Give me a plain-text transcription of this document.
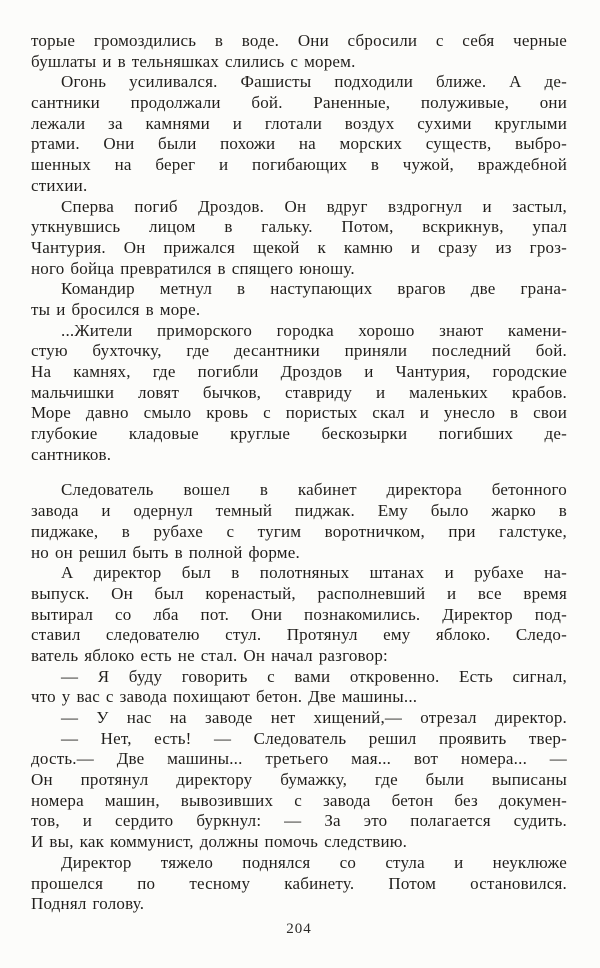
торые громоздились в воде. Они сбросили с себя черные
бушлаты и в тельняшках слились с морем.
Огонь усиливался. Фашисты подходили ближе. А де-
сантники продолжали бой. Раненные, полуживые, они
лежали за камнями и глотали воздух сухими круглыми
ртами. Они были похожи на морских существ, выбро-
шенных на берег и погибающих в чужой, враждебной
стихии.
Сперва погиб Дроздов. Он вдруг вздрогнул и застыл,
уткнувшись лицом в гальку. Потом, вскрикнув, упал
Чантурия. Он прижался щекой к камню и сразу из гроз-
ного бойца превратился в спящего юношу.
Командир метнул в наступающих врагов две грана-
ты и бросился в море.
...Жители приморского городка хорошо знают камени-
стую бухточку, где десантники приняли последний бой.
На камнях, где погибли Дроздов и Чантурия, городские
мальчишки ловят бычков, ставриду и маленьких крабов.
Море давно смыло кровь с пористых скал и унесло в свои
глубокие кладовые круглые бескозырки погибших де-
сантников.
Следователь вошел в кабинет директора бетонного
завода и одернул темный пиджак. Ему было жарко в
пиджаке, в рубахе с тугим воротничком, при галстуке,
но он решил быть в полной форме.
А директор был в полотняных штанах и рубахе на-
выпуск. Он был коренастый, располневший и все время
вытирал со лба пот. Они познакомились. Директор под-
ставил следователю стул. Протянул ему яблоко. Следо-
ватель яблоко есть не стал. Он начал разговор:
— Я буду говорить с вами откровенно. Есть сигнал,
что у вас с завода похищают бетон. Две машины...
— У нас на заводе нет хищений,— отрезал директор.
— Нет, есть! — Следователь решил проявить твер-
дость.— Две машины... третьего мая... вот номера... —
Он протянул директору бумажку, где были выписаны
номера машин, вывозивших с завода бетон без докумен-
тов, и сердито буркнул: — За это полагается судить.
И вы, как коммунист, должны помочь следствию.
Директор тяжело поднялся со стула и неуклюже
прошелся по тесному кабинету. Потом остановился.
Поднял голову.
204
